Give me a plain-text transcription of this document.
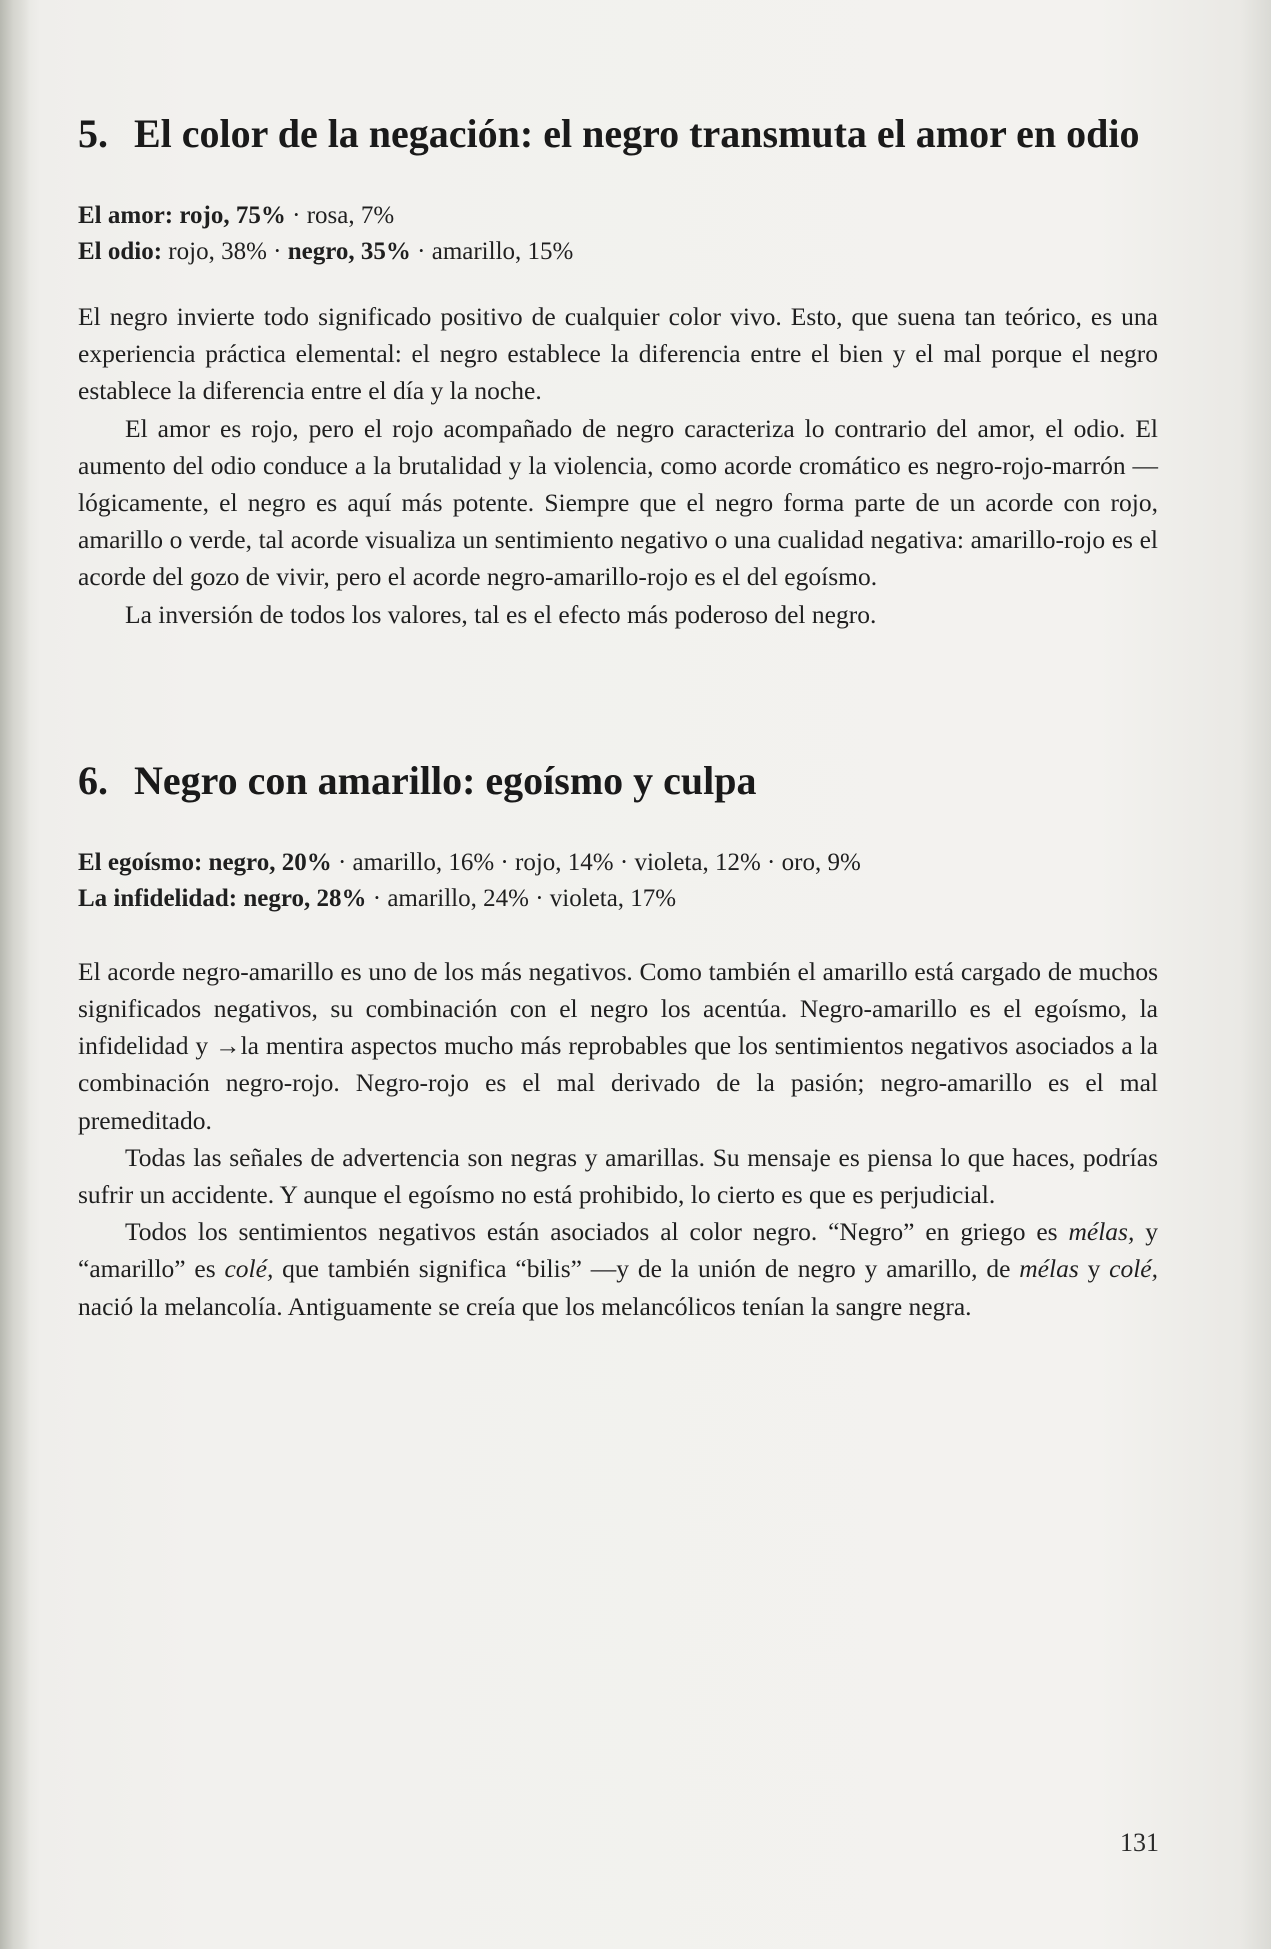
5. El color de la negación: el negro transmuta el amor en odio
El amor: rojo, 75% · rosa, 7%
El odio: rojo, 38% · negro, 35% · amarillo, 15%

El negro invierte todo significado positivo de cualquier color vivo. Esto, que suena tan teórico, es una experiencia práctica elemental: el negro establece la diferencia entre el bien y el mal porque el negro establece la diferencia entre el día y la noche.

El amor es rojo, pero el rojo acompañado de negro caracteriza lo contrario del amor, el odio. El aumento del odio conduce a la brutalidad y la violencia, como acorde cromático es negro-rojo-marrón —lógicamente, el negro es aquí más potente. Siempre que el negro forma parte de un acorde con rojo, amarillo o verde, tal acorde visualiza un sentimiento negativo o una cualidad negativa: amarillo-rojo es el acorde del gozo de vivir, pero el acorde negro-amarillo-rojo es el del egoísmo.

La inversión de todos los valores, tal es el efecto más poderoso del negro.

6. Negro con amarillo: egoísmo y culpa
El egoísmo: negro, 20% · amarillo, 16% · rojo, 14% · violeta, 12% · oro, 9%
La infidelidad: negro, 28% · amarillo, 24% · violeta, 17%

El acorde negro-amarillo es uno de los más negativos. Como también el amarillo está cargado de muchos significados negativos, su combinación con el negro los acentúa. Negro-amarillo es el egoísmo, la infidelidad y →la mentira aspectos mucho más reprobables que los sentimientos negativos asociados a la combinación negro-rojo. Negro-rojo es el mal derivado de la pasión; negro-amarillo es el mal premeditado.

Todas las señales de advertencia son negras y amarillas. Su mensaje es piensa lo que haces, podrías sufrir un accidente. Y aunque el egoísmo no está prohibido, lo cierto es que es perjudicial.

Todos los sentimientos negativos están asociados al color negro. “Negro” en griego es mélas, y “amarillo” es colé, que también significa “bilis” —y de la unión de negro y amarillo, de mélas y colé, nació la melancolía. Antiguamente se creía que los melancólicos tenían la sangre negra.

131
